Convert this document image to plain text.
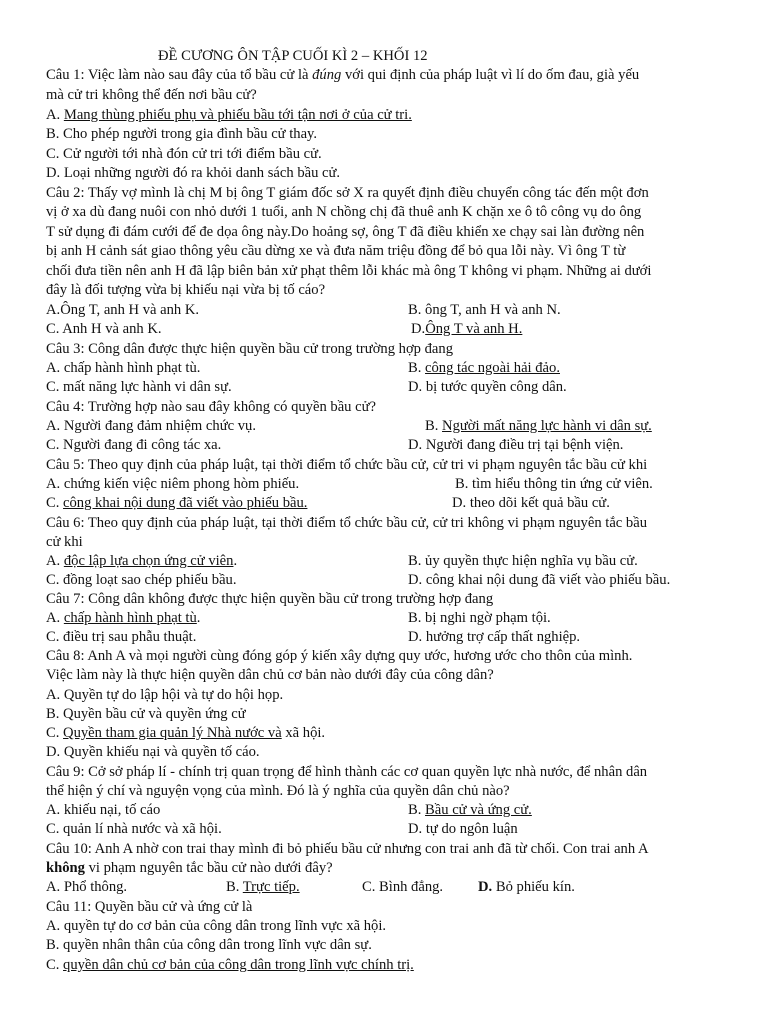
ĐỀ CƯƠNG ÔN TẬP CUỐI KÌ 2 – KHỐI 12
Câu 1: Việc làm nào sau đây của tổ bầu cử là đúng với qui định của pháp luật vì lí do ốm đau, già yếu
mà cử tri không thể đến nơi bầu cử?
A. Mang thùng phiếu phụ và phiếu bầu tới tận nơi ở của cử tri.
B. Cho phép người trong gia đình bầu cử thay.
C. Cử người tới nhà đón cử tri tới điểm bầu cử.
D. Loại những người đó ra khỏi danh sách bầu cử.
Câu 2: Thấy vợ mình là chị M bị ông T giám đốc sở X ra quyết định điều chuyển công tác đến một đơn
vị ở xa dù đang nuôi con nhỏ dưới 1 tuổi, anh N chồng chị đã thuê anh K chặn xe ô tô công vụ do ông
T sử dụng đi đám cưới để đe dọa ông này.Do hoảng sợ, ông T đã điều khiển xe chạy sai làn đường nên
bị anh H cảnh sát giao thông yêu cầu dừng xe và đưa năm triệu đồng để bỏ qua lỗi này. Vì ông T từ
chối đưa tiền nên anh H đã lập biên bản xử phạt thêm lỗi khác mà ông T không vi phạm. Những ai dưới
đây là đối tượng vừa bị khiếu nại vừa bị tố cáo?
A.Ông T, anh H và anh K.	B. ông T, anh H và anh N.
C. Anh H và anh K.	D.Ông T và anh H.
Câu 3: Công dân được thực hiện quyền bầu cử trong trường hợp đang
A. chấp hành hình phạt tù.	B. công tác ngoài hải đảo.
C. mất năng lực hành vi dân sự.	D. bị tước quyền công dân.
Câu 4: Trường hợp nào sau đây không có quyền bầu cử?
A. Người đang đảm nhiệm chức vụ.	B. Người mất năng lực hành vi dân sự.
C. Người đang đi công tác xa.	D. Người đang điều trị tại bệnh viện.
Câu 5: Theo quy định của pháp luật, tại thời điểm tổ chức bầu cử, cử tri vi phạm nguyên tắc bầu cử khi
A. chứng kiến việc niêm phong hòm phiếu.	B. tìm hiểu thông tin ứng cử viên.
C. công khai nội dung đã viết vào phiếu bầu.	D. theo dõi kết quả bầu cử.
Câu 6: Theo quy định của pháp luật, tại thời điểm tổ chức bầu cử, cử tri không vi phạm nguyên tắc bầu
cử khi
A. độc lập lựa chọn ứng cử viên.	B. ủy quyền thực hiện nghĩa vụ bầu cử.
C. đồng loạt sao chép phiếu bầu.	D. công khai nội dung đã viết vào phiếu bầu.
Câu 7: Công dân không được thực hiện quyền bầu cử trong trường hợp đang
A. chấp hành hình phạt tù.	B. bị nghi ngờ phạm tội.
C. điều trị sau phẫu thuật.	D. hưởng trợ cấp thất nghiệp.
Câu 8: Anh A và mọi người cùng đóng góp ý kiến xây dựng quy ước, hương ước cho thôn của mình.
Việc làm này là thực hiện quyền dân chủ cơ bản nào dưới đây của công dân?
A. Quyền tự do lập hội và tự do hội họp.
B. Quyền bầu cử và quyền ứng cử
C. Quyền tham gia quản lý Nhà nước và xã hội.
D. Quyền khiếu nại và quyền tố cáo.
Câu 9: Cở sở pháp lí - chính trị quan trọng để hình thành các cơ quan quyền lực nhà nước, để nhân dân
thể hiện ý chí và nguyện vọng của mình. Đó là ý nghĩa của quyền dân chủ nào?
A. khiếu nại, tố cáo	B. Bầu cử và ứng cử.
C. quản lí nhà nước và xã hội.	D. tự do ngôn luận
Câu 10: Anh A nhờ con trai thay mình đi bỏ phiếu bầu cử nhưng con trai anh đã từ chối. Con trai anh A
không vi phạm nguyên tắc bầu cử nào dưới đây?
A. Phổ thông.	B. Trực tiếp.	C. Bình đẳng. D. Bỏ phiếu kín.
Câu 11: Quyền bầu cử và ứng cử là
A. quyền tự do cơ bản của công dân trong lĩnh vực xã hội.
B. quyền nhân thân của công dân trong lĩnh vực dân sự.
C. quyền dân chủ cơ bản của công dân trong lĩnh vực chính trị.
